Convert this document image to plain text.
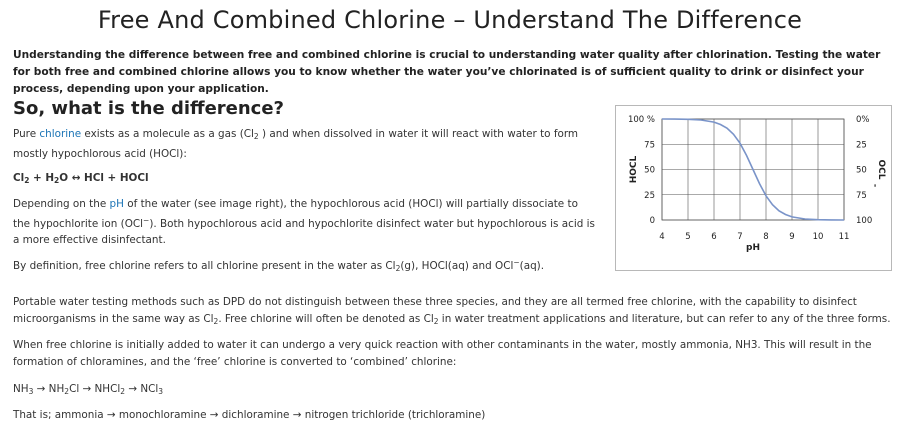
Free And Combined Chlorine – Understand The Difference
Understanding the difference between free and combined chlorine is crucial to understanding water quality after chlorination. Testing the water for both free and combined chlorine allows you to know whether the water you’ve chlorinated is of sufficient quality to drink or disinfect your process, depending upon your application.
So, what is the difference?
Pure chlorine exists as a molecule as a gas ($Cl_2$ ) and when dissolved in water it will react with water to form mostly hypochlorous acid (HOCl):
$Cl_2 + H_2O$ ↔ HCl + HOCl
Depending on the pH of the water (see image right), the hypochlorous acid (HOCl) will partially dissociate to the hypochlorite ion (OCl−). Both hypochlorous acid and hypochlorite disinfect water but hypochlorous is acid is a more effective disinfectant.
By definition, free chlorine refers to all chlorine present in the water as $Cl_2(g)$, HOCl(aq) and OCl−(aq).
4 5 6 7 8 9 10 11
0	100
25	75
50	50
75	25
100 %	0%
pH
HOCL	OCL
-
Portable water testing methods such as DPD do not distinguish between these three species, and they are all termed free chlorine, with the capability to disinfect microorganisms in the same way as $Cl_2$. Free chlorine will often be denoted as $Cl_2$ in water treatment applications and literature, but can refer to any of the three forms.
When free chlorine is initially added to water it can undergo a very quick reaction with other contaminants in the water, mostly ammonia, NH3. This will result in the formation of chloramines, and the ‘free’ chlorine is converted to ‘combined’ chlorine:
$NH_3 \to NH_2Cl$ → NHCl$_2$ → NCl$_3$
That is; ammonia → monochloramine → dichloramine → nitrogen trichloride (trichloramine)
